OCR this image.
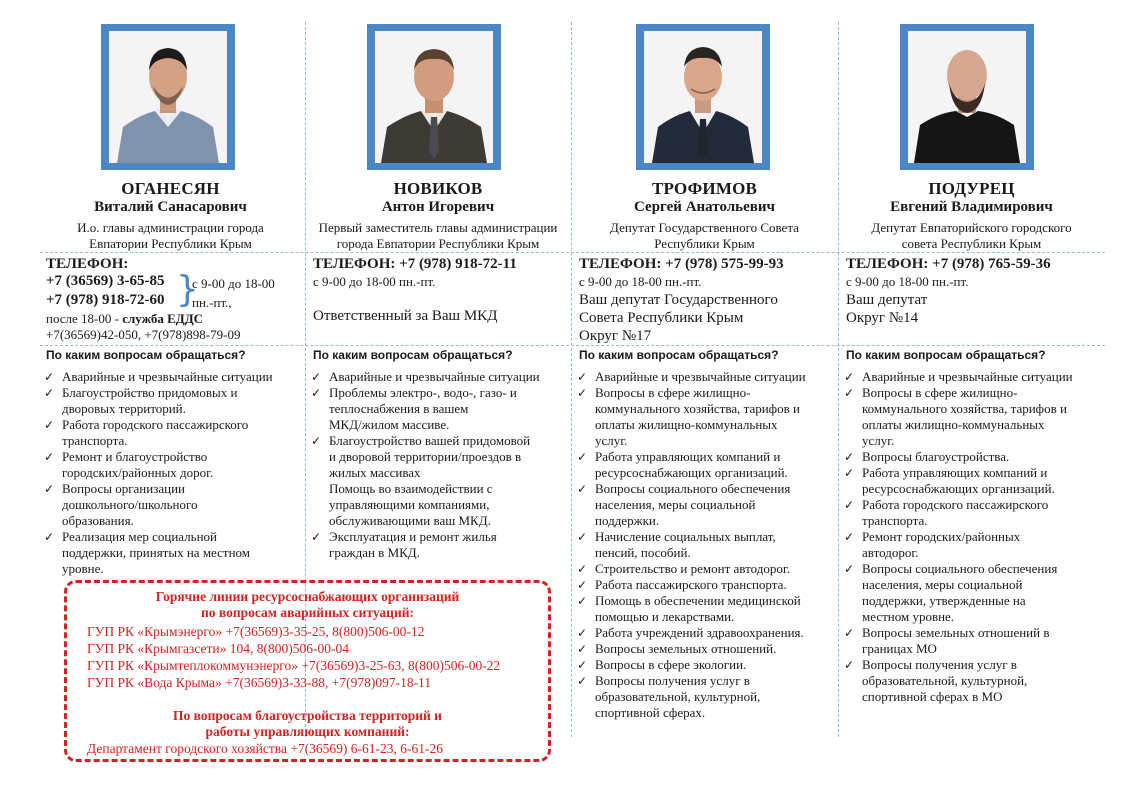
ОГАНЕСЯН
Виталий Санасарович
И.о. главы администрации города
Евпатории Республики Крым
ТЕЛЕФОН:
+7 (36569) 3-65-85
+7 (978) 918-72-60 }
с 9-00 до 18-00
пн.-пт.,
после 18-00 - служба ЕДДС
+7(36569)42-050, +7(978)898-79-09
По каким вопросам обращаться?
✓ Аварийные и чрезвычайные ситуации
✓ Благоустройство придомовых и
дворовых территорий.
✓ Работа городского пассажирского
транспорта.
✓ Ремонт и благоустройство
городских/районных дорог.
✓ Вопросы организации
дошкольного/школьного
образования.
✓ Реализация мер социальной
поддержки, принятых на местном
уровне.
НОВИКОВ
Антон Игоревич
Первый заместитель главы администрации
города Евпатории Республики Крым
ТЕЛЕФОН: +7 (978) 918-72-11
с 9-00 до 18-00 пн.-пт.
Ответственный за Ваш МКД
По каким вопросам обращаться?
✓ Аварийные и чрезвычайные ситуации
✓ Проблемы электро-, водо-, газо- и
теплоснабжения в вашем
МКД/жилом массиве.
✓ Благоустройство вашей придомовой
и дворовой территории/проездов в
жилых массивах
Помощь во взаимодействии с
управляющими компаниями,
обслуживающими ваш МКД.
✓ Эксплуатация и ремонт жилья
граждан в МКД.
ТРОФИМОВ
Сергей Анатольевич
Депутат Государственного Совета
Республики Крым
ТЕЛЕФОН: +7 (978) 575-99-93
с 9-00 до 18-00 пн.-пт.
Ваш депутат Государственного
Совета Республики Крым
Округ №17
По каким вопросам обращаться?
✓ Аварийные и чрезвычайные ситуации
✓ Вопросы в сфере жилищно-
коммунального хозяйства, тарифов и
оплаты жилищно-коммунальных
услуг.
✓ Работа управляющих компаний и
ресурсоснабжающих организаций.
✓ Вопросы социального обеспечения
населения, меры социальной
поддержки.
✓ Начисление социальных выплат,
пенсий, пособий.
✓ Строительство и ремонт автодорог.
✓ Работа пассажирского транспорта.
✓ Помощь в обеспечении медицинской
помощью и лекарствами.
✓ Работа учреждений здравоохранения.
✓ Вопросы земельных отношений.
✓ Вопросы в сфере экологии.
✓ Вопросы получения услуг в
образовательной, культурной,
спортивной сферах.
ПОДУРЕЦ
Евгений Владимирович
Депутат Евпаторийского городского
совета Республики Крым
ТЕЛЕФОН: +7 (978) 765-59-36
с 9-00 до 18-00 пн.-пт.
Ваш депутат
Округ №14
По каким вопросам обращаться?
✓ Аварийные и чрезвычайные ситуации
✓ Вопросы в сфере жилищно-
коммунального хозяйства, тарифов и
оплаты жилищно-коммунальных
услуг.
✓ Вопросы благоустройства.
✓ Работа управляющих компаний и
ресурсоснабжающих организаций.
✓ Работа городского пассажирского
транспорта.
✓ Ремонт городских/районных
автодорог.
✓ Вопросы социального обеспечения
населения, меры социальной
поддержки, утвержденные на
местном уровне.
✓ Вопросы земельных отношений в
границах МО
✓ Вопросы получения услуг в
образовательной, культурной,
спортивной сферах в МО
Горячие линии ресурсоснабжающих организаций
по вопросам аварийных ситуаций:
ГУП РК «Крымэнерго» +7(36569)3-35-25, 8(800)506-00-12
ГУП РК «Крымгазсети» 104, 8(800)506-00-04
ГУП РК «Крымтеплокоммунэнерго» +7(36569)3-25-63, 8(800)506-00-22
ГУП РК «Вода Крыма» +7(36569)3-33-88, +7(978)097-18-11
По вопросам благоустройства территорий и
работы управляющих компаний:
Департамент городского хозяйства +7(36569) 6-61-23, 6-61-26
